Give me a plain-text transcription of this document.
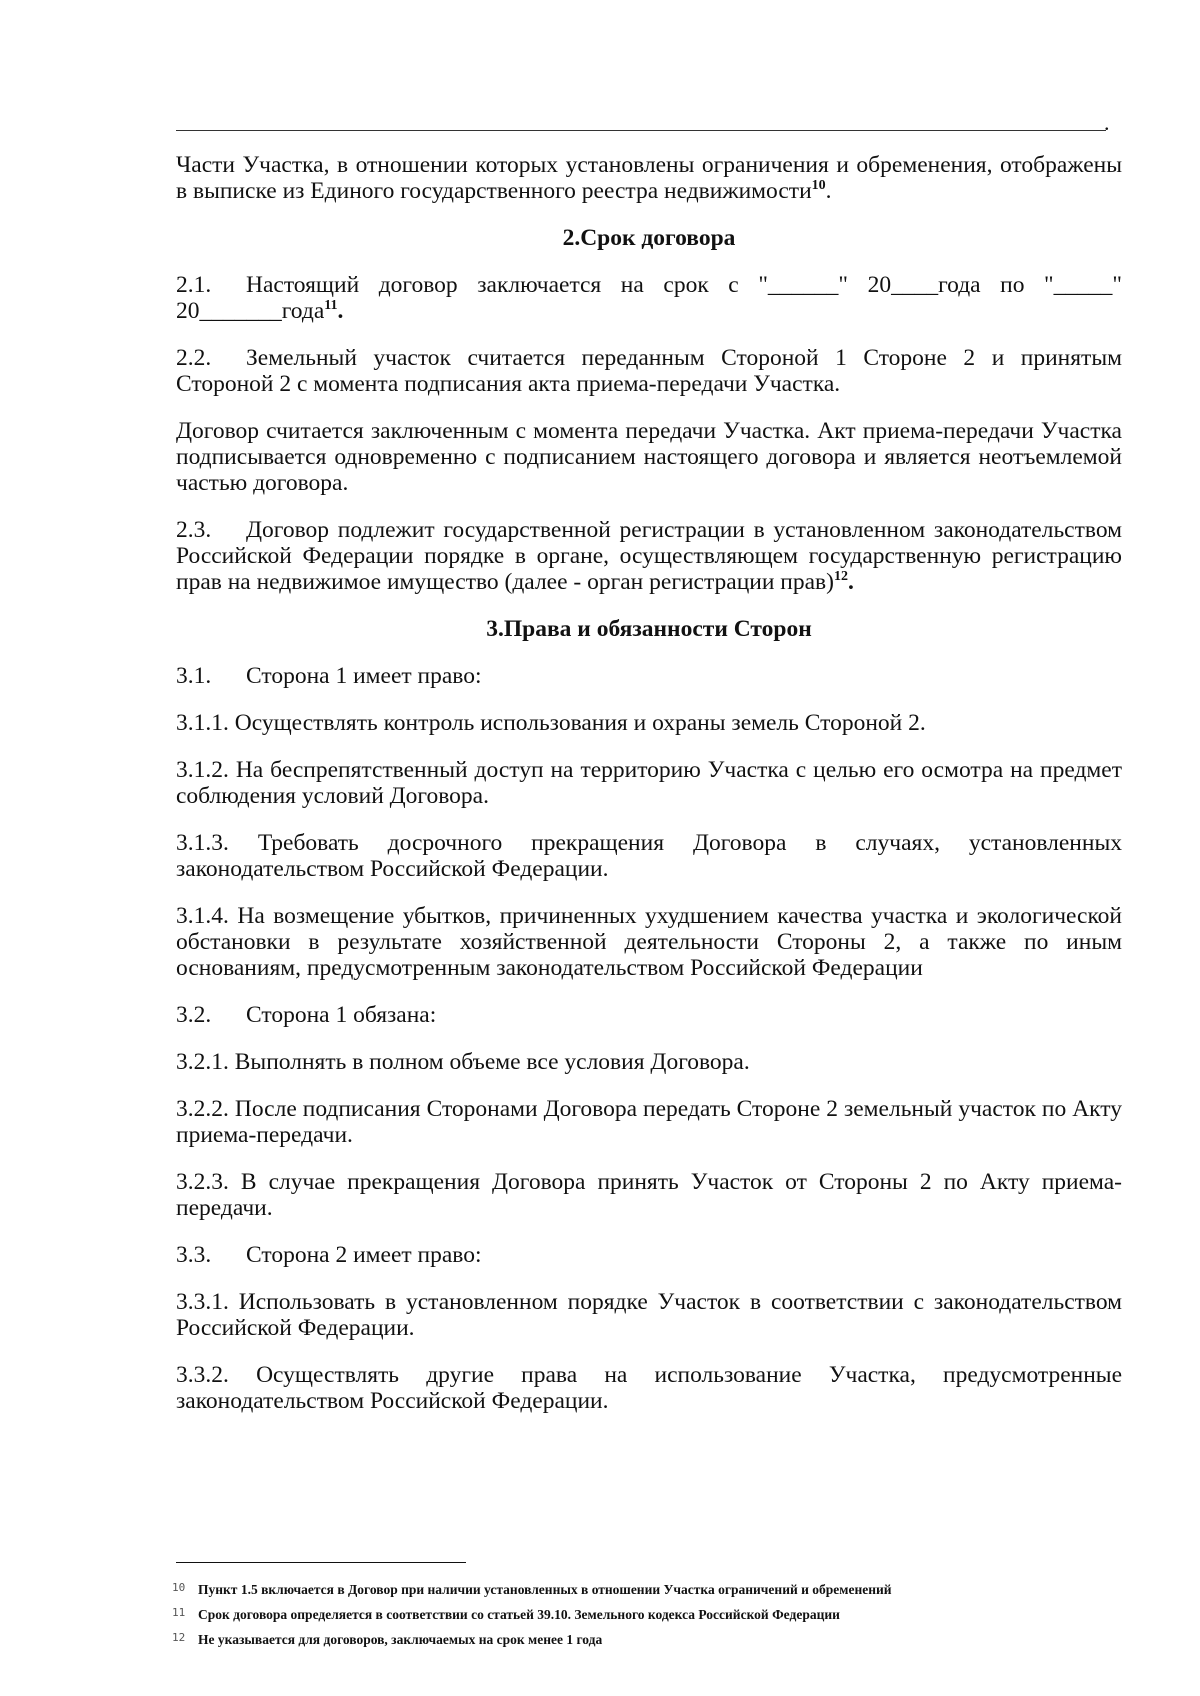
.

Части Участка, в отношении которых установлены ограничения и обременения, отображены в выписке из Единого государственного реестра недвижимости$^{10}$.

2.Срок договора

2.1. Настоящий договор заключается на срок с "______" 20____года по "_____" 20_______года$^{11}$.

2.2. Земельный участок считается переданным Стороной 1 Стороне 2 и принятым Стороной 2 с момента подписания акта приема-передачи Участка.

Договор считается заключенным с момента передачи Участка. Акт приема-передачи Участка подписывается одновременно с подписанием настоящего договора и является неотъемлемой частью договора.

2.3. Договор подлежит государственной регистрации в установленном законодательством Российской Федерации порядке в органе, осуществляющем государственную регистрацию прав на недвижимое имущество (далее - орган регистрации прав)$^{12}$.

3.Права и обязанности Сторон

3.1. Сторона 1 имеет право:

3.1.1. Осуществлять контроль использования и охраны земель Стороной 2.

3.1.2. На беспрепятственный доступ на территорию Участка с целью его осмотра на предмет соблюдения условий Договора.

3.1.3. Требовать досрочного прекращения Договора в случаях, установленных законодательством Российской Федерации.

3.1.4. На возмещение убытков, причиненных ухудшением качества участка и экологической обстановки в результате хозяйственной деятельности Стороны 2, а также по иным основаниям, предусмотренным законодательством Российской Федерации

3.2. Сторона 1 обязана:

3.2.1. Выполнять в полном объеме все условия Договора.

3.2.2. После подписания Сторонами Договора передать Стороне 2 земельный участок по Акту приема-передачи.

3.2.3. В случае прекращения Договора принять Участок от Стороны 2 по Акту приема-передачи.

3.3. Сторона 2 имеет право:

3.3.1. Использовать в установленном порядке Участок в соответствии с законодательством Российской Федерации.

3.3.2. Осуществлять другие права на использование Участка, предусмотренные законодательством Российской Федерации.

10 Пункт 1.5 включается в Договор при наличии установленных в отношении Участка ограничений и обременений
11 Срок договора определяется в соответствии со статьей 39.10. Земельного кодекса Российской Федерации
12 Не указывается для договоров, заключаемых на срок менее 1 года
